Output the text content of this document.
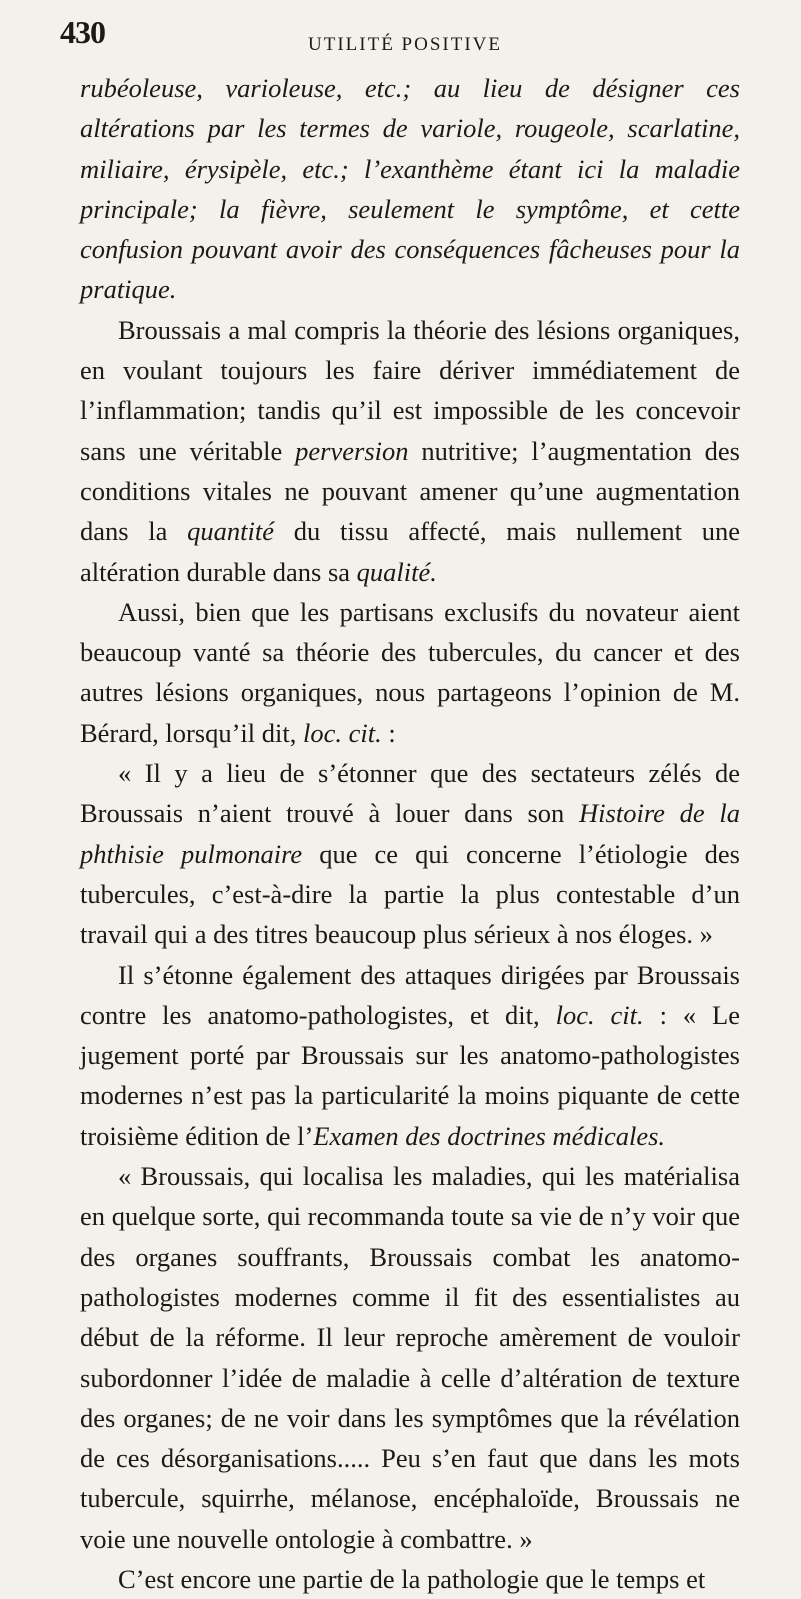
430	UTILITÉ POSITIVE

rubéoleuse, varioleuse, etc.; au lieu de désigner ces altérations par les termes de variole, rougeole, scarlatine, miliaire, érysipèle, etc.; l’exanthème étant ici la maladie principale; la fièvre, seulement le symptôme, et cette confusion pouvant avoir des conséquences fâcheuses pour la pratique.

Broussais a mal compris la théorie des lésions organiques, en voulant toujours les faire dériver immédiatement de l’inflammation; tandis qu’il est impossible de les concevoir sans une véritable perversion nutritive; l’augmentation des conditions vitales ne pouvant amener qu’une augmentation dans la quantité du tissu affecté, mais nullement une altération durable dans sa qualité.

Aussi, bien que les partisans exclusifs du novateur aient beaucoup vanté sa théorie des tubercules, du cancer et des autres lésions organiques, nous partageons l’opinion de M. Bérard, lorsqu’il dit, loc. cit. :

« Il y a lieu de s’étonner que des sectateurs zélés de Broussais n’aient trouvé à louer dans son Histoire de la phthisie pulmonaire que ce qui concerne l’étiologie des tubercules, c’est-à-dire la partie la plus contestable d’un travail qui a des titres beaucoup plus sérieux à nos éloges. »

Il s’étonne également des attaques dirigées par Broussais contre les anatomo-pathologistes, et dit, loc. cit. : « Le jugement porté par Broussais sur les anatomo-pathologistes modernes n’est pas la particularité la moins piquante de cette troisième édition de l’Examen des doctrines médicales.

« Broussais, qui localisa les maladies, qui les matérialisa en quelque sorte, qui recommanda toute sa vie de n’y voir que des organes souffrants, Broussais combat les anatomo-pathologistes modernes comme il fit des essentialistes au début de la réforme. Il leur reproche amèrement de vouloir subordonner l’idée de maladie à celle d’altération de texture des organes; de ne voir dans les symptômes que la révélation de ces désorganisations..... Peu s’en faut que dans les mots tubercule, squirrhe, mélanose, encéphaloïde, Broussais ne voie une nouvelle ontologie à combattre. »

C’est encore une partie de la pathologie que le temps et
